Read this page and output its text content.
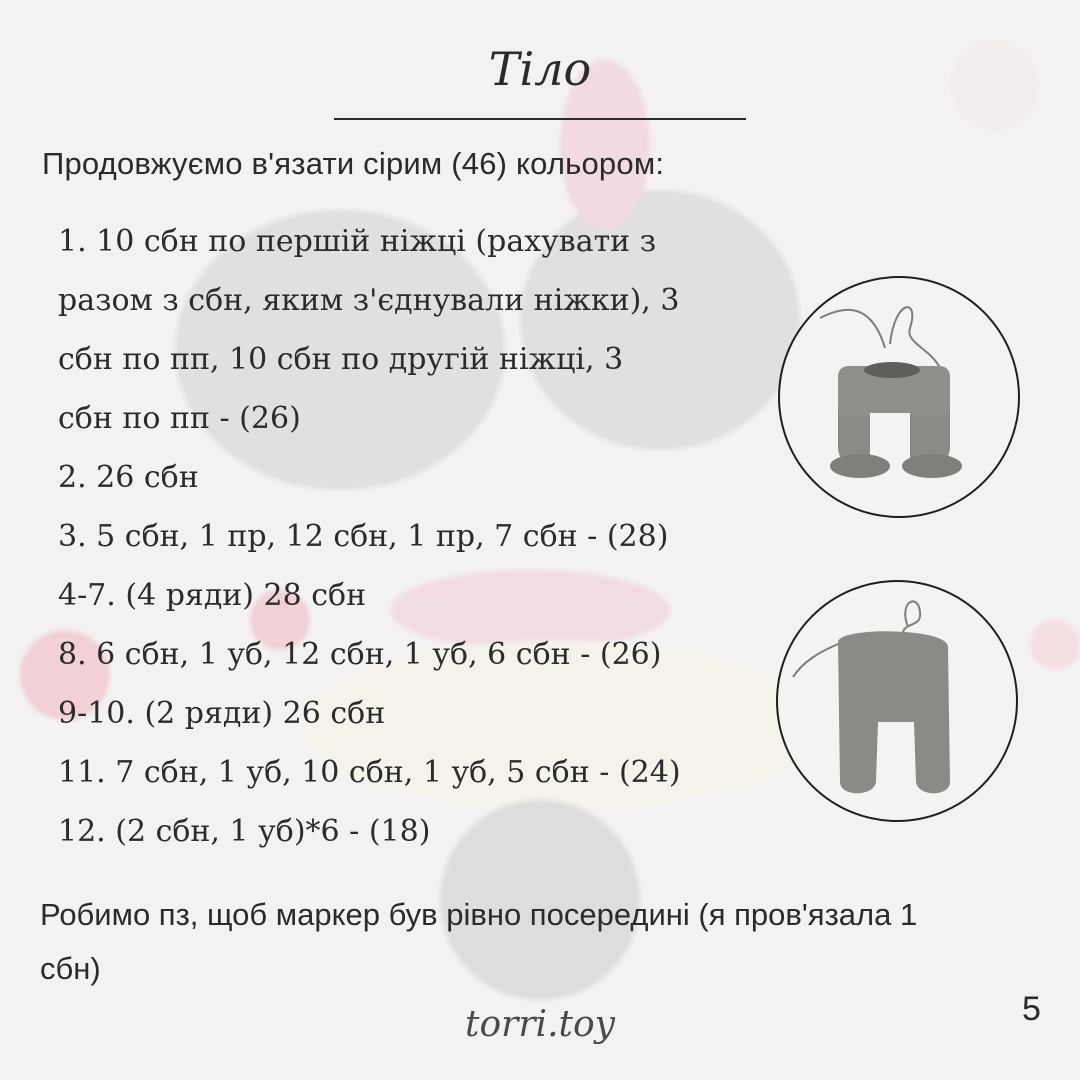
Тіло
Продовжуємо в'язати сірим (46) кольором:
1. 10 сбн по першій ніжці (рахувати з
разом з сбн, яким з'єднували ніжки), 3
сбн по пп, 10 сбн по другій ніжці, 3
сбн по пп - (26)
2. 26 сбн
3. 5 сбн, 1 пр, 12 сбн, 1 пр, 7 сбн - (28)
4-7. (4 ряди) 28 сбн
8. 6 сбн, 1 уб, 12 сбн, 1 уб, 6 сбн - (26)
9-10. (2 ряди) 26 сбн
11. 7 сбн, 1 уб, 10 сбн, 1 уб, 5 сбн - (24)
12. (2 сбн, 1 уб)*6 - (18)
Робимо пз, щоб маркер був рівно посередині (я пров'язала 1 сбн)
torri.toy	5
